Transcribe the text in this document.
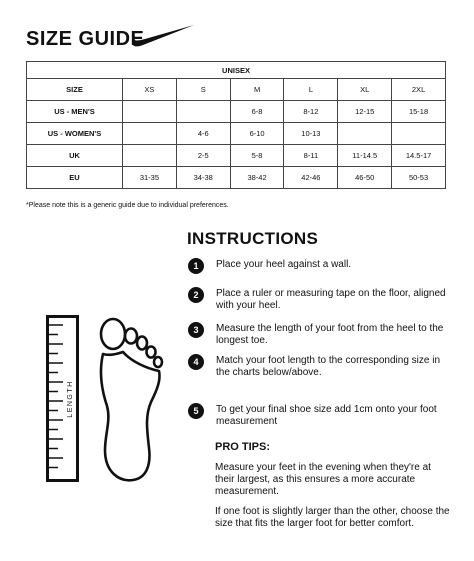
SIZE GUIDE
UNISEX						
SIZE	XS	S	M	L	XL	2XL
US - MEN'S			6-8	8-12	12-15	15-18
US - WOMEN'S		4-6	6-10	10-13		
UK		2-5	5-8	8-11	11-14.5	14.5-17
EU	31-35	34-38	38-42	42-46	46-50	50-53
*Please note this is a generic guide due to individual preferences.
LENGTH
INSTRUCTIONS
1	Place your heel against a wall.
2	Place a ruler or measuring tape on the floor, aligned with your heel.
3	Measure the length of your foot from the heel to the longest toe.
4	Match your foot length to the corresponding size in the charts below/above.
5	To get your final shoe size add 1cm onto your foot measurement
PRO TIPS:
Measure your feet in the evening when they're at their largest, as this ensures a more accurate measurement.
If one foot is slightly larger than the other, choose the size that fits the larger foot for better comfort.
